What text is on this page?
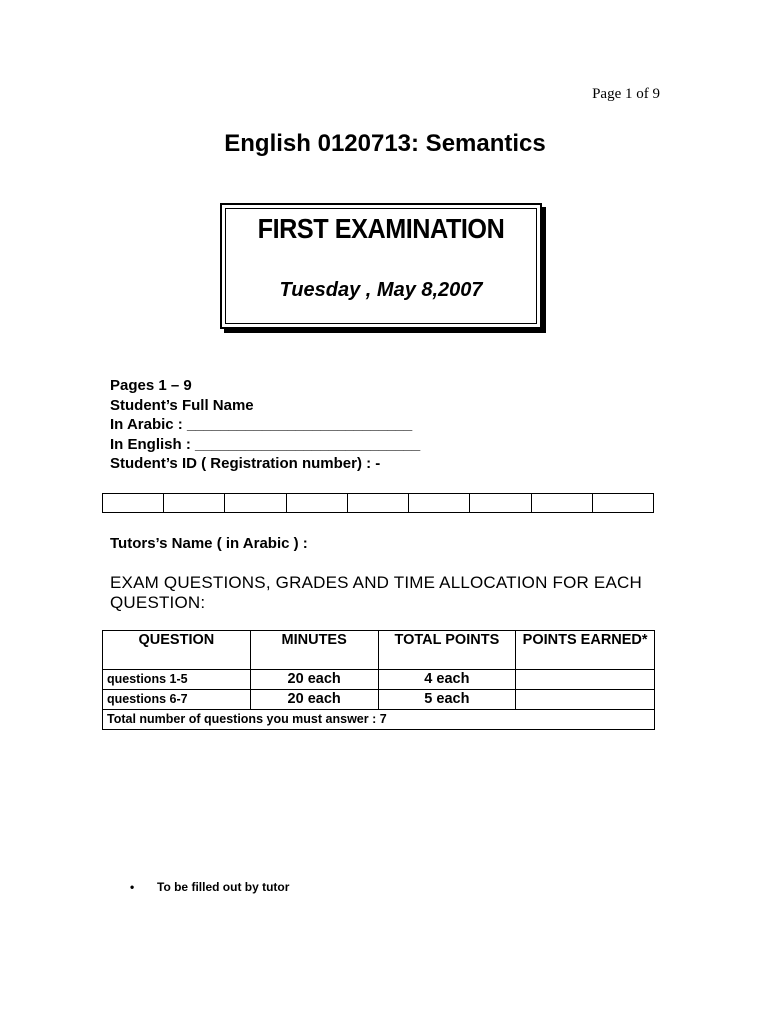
Page 1 of 9
English 0120713: Semantics
FIRST EXAMINATION
Tuesday , May 8,2007
Pages 1 – 9
Student’s Full Name
In Arabic : ___________________________
In English : ___________________________
Student’s ID ( Registration number) : -
Tutors’s Name ( in Arabic ) :
EXAM QUESTIONS, GRADES AND TIME ALLOCATION FOR EACH QUESTION:
QUESTION	MINUTES	TOTAL POINTS	POINTS EARNED*
questions 1-5	20 each	4 each	
questions 6-7	20 each	5 each	
Total number of questions you must answer : 7			
• To be filled out by tutor
